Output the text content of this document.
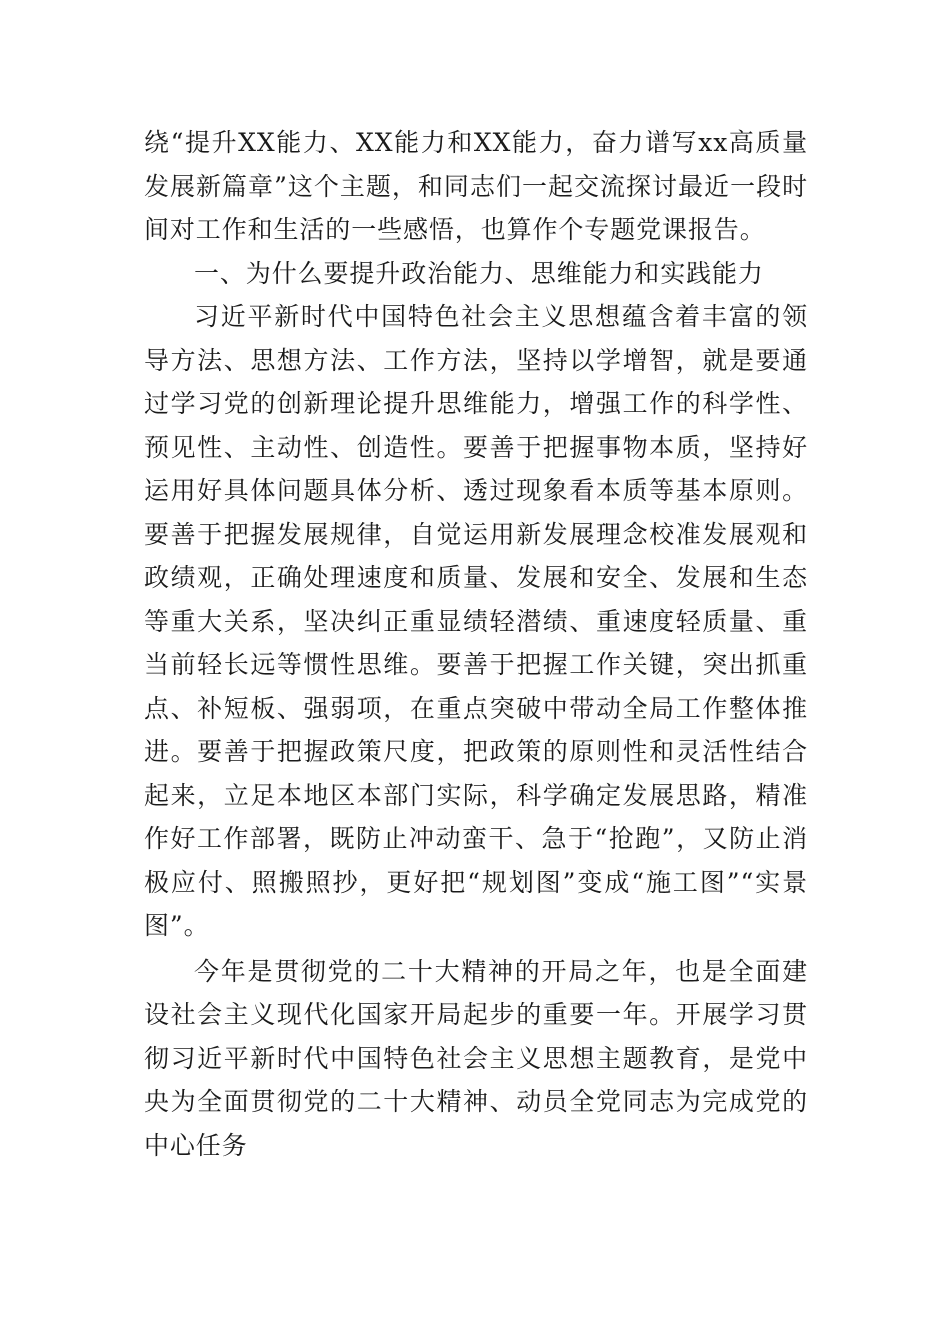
绕“提升XX能力、XX能力和XX能力，奋力谱写xx高质量发展新篇章”这个主题，和同志们一起交流探讨最近一段时间对工作和生活的一些感悟，也算作个专题党课报告。

一、为什么要提升政治能力、思维能力和实践能力

习近平新时代中国特色社会主义思想蕴含着丰富的领导方法、思想方法、工作方法，坚持以学增智，就是要通过学习党的创新理论提升思维能力，增强工作的科学性、预见性、主动性、创造性。要善于把握事物本质，坚持好运用好具体问题具体分析、透过现象看本质等基本原则。要善于把握发展规律，自觉运用新发展理念校准发展观和政绩观，正确处理速度和质量、发展和安全、发展和生态等重大关系，坚决纠正重显绩轻潜绩、重速度轻质量、重当前轻长远等惯性思维。要善于把握工作关键，突出抓重点、补短板、强弱项，在重点突破中带动全局工作整体推进。要善于把握政策尺度，把政策的原则性和灵活性结合起来，立足本地区本部门实际，科学确定发展思路，精准作好工作部署，既防止冲动蛮干、急于“抢跑”，又防止消极应付、照搬照抄，更好把“规划图”变成“施工图”“实景图”。

今年是贯彻党的二十大精神的开局之年，也是全面建设社会主义现代化国家开局起步的重要一年。开展学习贯彻习近平新时代中国特色社会主义思想主题教育，是党中央为全面贯彻党的二十大精神、动员全党同志为完成党的中心任务
